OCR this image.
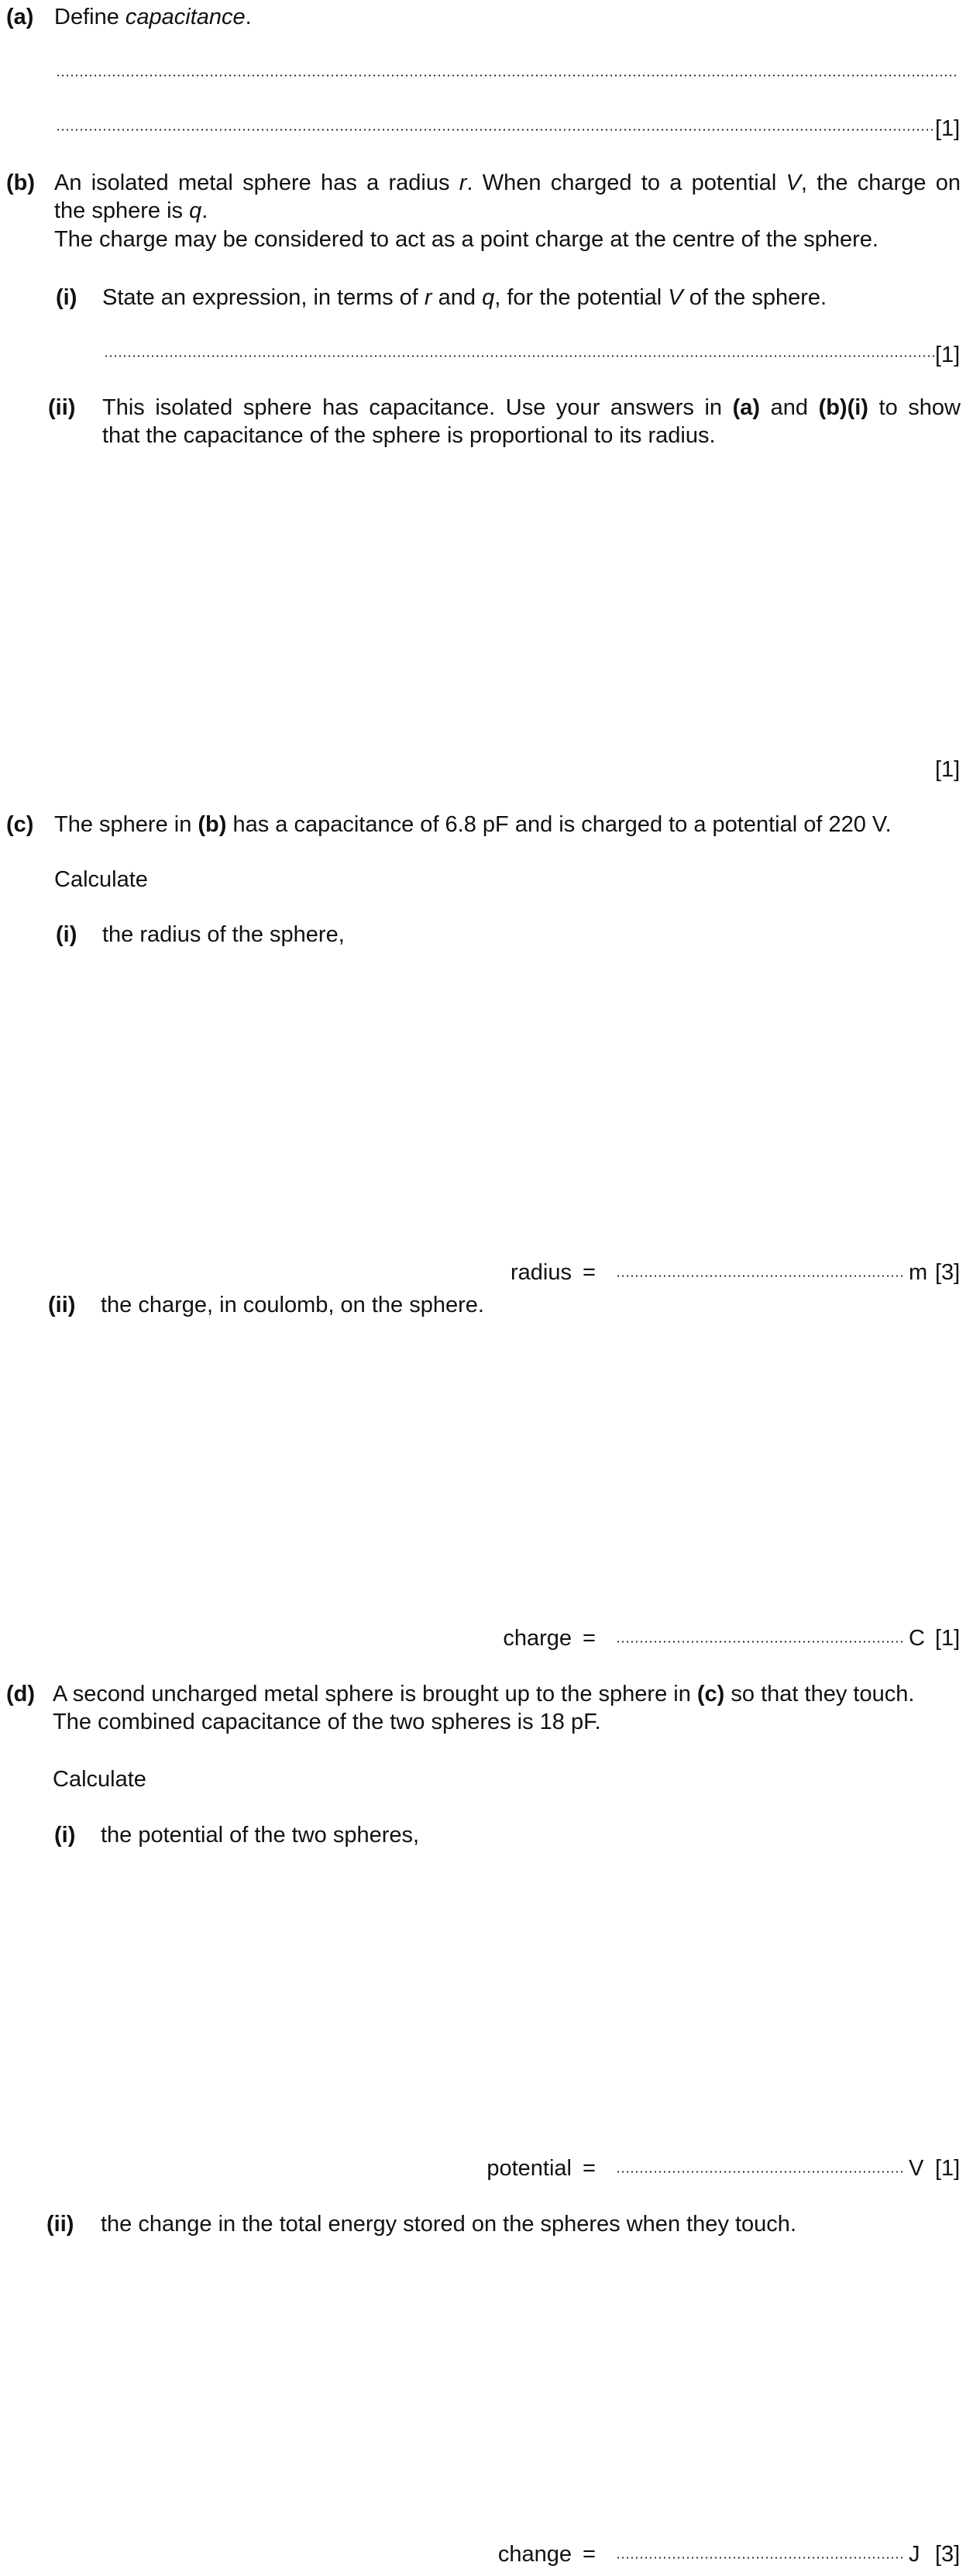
(a) Define capacitance.
[1]
(b) An isolated metal sphere has a radius r. When charged to a potential V, the charge on
the sphere is q.
The charge may be considered to act as a point charge at the centre of the sphere.
(i) State an expression, in terms of r and q, for the potential V of the sphere.
[1]
(ii) This isolated sphere has capacitance. Use your answers in (a) and (b)(i) to show
that the capacitance of the sphere is proportional to its radius.
[1]
(c) The sphere in (b) has a capacitance of 6.8 pF and is charged to a potential of 220 V.
Calculate
(i) the radius of the sphere,
radius =	m [3]
(ii) the charge, in coulomb, on the sphere.
charge =	C [1]
(d) A second uncharged metal sphere is brought up to the sphere in (c) so that they touch.
The combined capacitance of the two spheres is 18 pF.
Calculate
(i) the potential of the two spheres,
potential =	V [1]
(ii) the change in the total energy stored on the spheres when they touch.
change =	J [3]
